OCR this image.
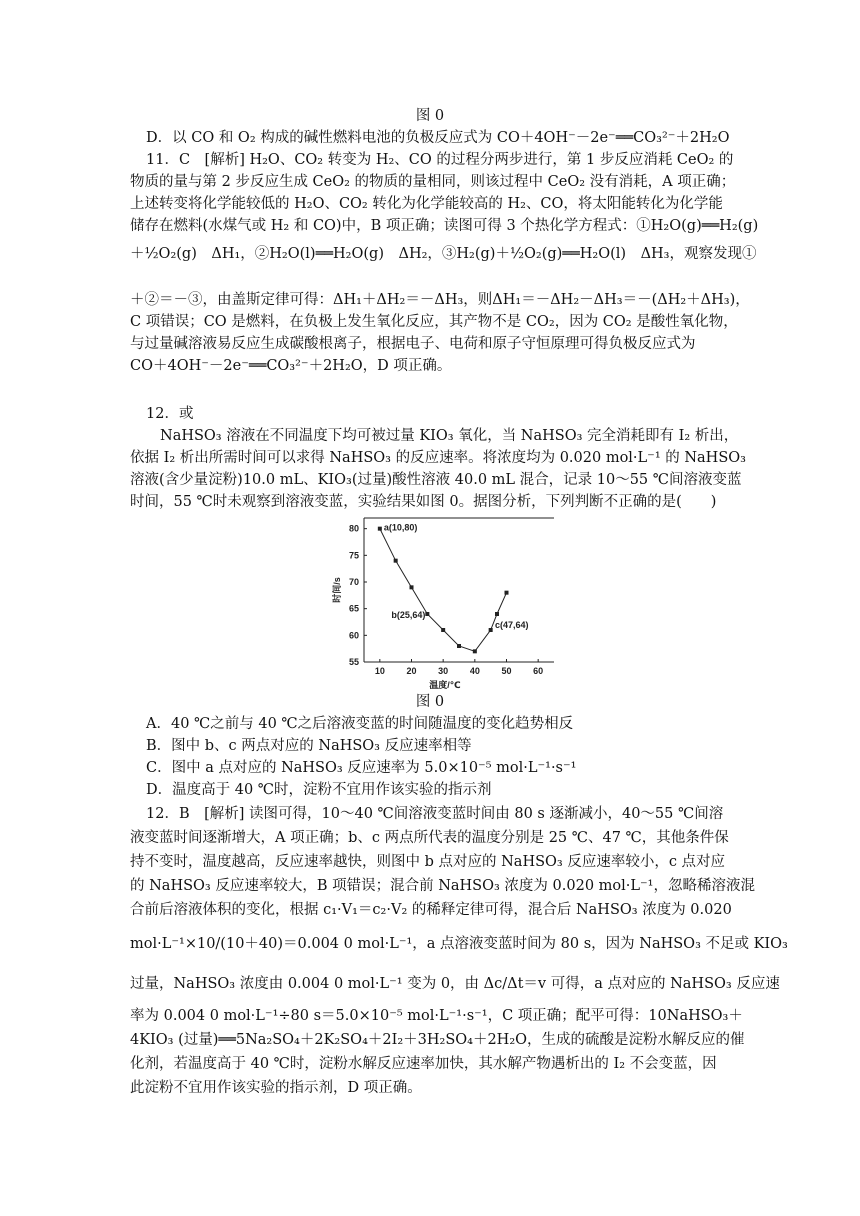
图 0
D．以 CO 和 O₂ 构成的碱性燃料电池的负极反应式为 CO＋4OH⁻－2e⁻══CO₃²⁻＋2H₂O
11．C　[解析] H₂O、CO₂ 转变为 H₂、CO 的过程分两步进行，第 1 步反应消耗 CeO₂ 的
物质的量与第 2 步反应生成 CeO₂ 的物质的量相同，则该过程中 CeO₂ 没有消耗，A 项正确；
上述转变将化学能较低的 H₂O、CO₂ 转化为化学能较高的 H₂、CO，将太阳能转化为化学能
储存在燃料(水煤气或 H₂ 和 CO)中，B 项正确；读图可得 3 个热化学方程式：①H₂O(g)══H₂(g)
＋½O₂(g)　ΔH₁，②H₂O(l)══H₂O(g)　ΔH₂，③H₂(g)＋½O₂(g)══H₂O(l)　ΔH₃，观察发现①
＋②＝－③，由盖斯定律可得：ΔH₁＋ΔH₂＝－ΔH₃，则ΔH₁＝－ΔH₂－ΔH₃＝－(ΔH₂＋ΔH₃)，
C 项错误；CO 是燃料，在负极上发生氧化反应，其产物不是 CO₂，因为 CO₂ 是酸性氧化物，
与过量碱溶液易反应生成碳酸根离子，根据电子、电荷和原子守恒原理可得负极反应式为
CO＋4OH⁻－2e⁻══CO₃²⁻＋2H₂O，D 项正确。
12．或
NaHSO₃ 溶液在不同温度下均可被过量 KIO₃ 氧化，当 NaHSO₃ 完全消耗即有 I₂ 析出，
依据 I₂ 析出所需时间可以求得 NaHSO₃ 的反应速率。将浓度均为 0.020 mol·L⁻¹ 的 NaHSO₃
溶液(含少量淀粉)10.0 mL、KIO₃(过量)酸性溶液 40.0 mL 混合，记录 10～55 ℃间溶液变蓝
时间，55 ℃时未观察到溶液变蓝，实验结果如图 0。据图分析，下列判断不正确的是(　　)
10 20 30 40 50 60
55
60
65
70
75
80
温度/℃
时间/s
a(10,80)
b(25,64)
c(47,64)
图 0
A．40 ℃之前与 40 ℃之后溶液变蓝的时间随温度的变化趋势相反
B．图中 b、c 两点对应的 NaHSO₃ 反应速率相等
C．图中 a 点对应的 NaHSO₃ 反应速率为 5.0×10⁻⁵ mol·L⁻¹·s⁻¹
D．温度高于 40 ℃时，淀粉不宜用作该实验的指示剂
12．B　[解析] 读图可得，10～40 ℃间溶液变蓝时间由 80 s 逐渐减小，40～55 ℃间溶
液变蓝时间逐渐增大，A 项正确；b、c 两点所代表的温度分别是 25 ℃、47 ℃，其他条件保
持不变时，温度越高，反应速率越快，则图中 b 点对应的 NaHSO₃ 反应速率较小，c 点对应
的 NaHSO₃ 反应速率较大，B 项错误；混合前 NaHSO₃ 浓度为 0.020 mol·L⁻¹，忽略稀溶液混
合前后溶液体积的变化，根据 c₁·V₁＝c₂·V₂ 的稀释定律可得，混合后 NaHSO₃ 浓度为 0.020
mol·L⁻¹×10/(10＋40)＝0.004 0 mol·L⁻¹，a 点溶液变蓝时间为 80 s，因为 NaHSO₃ 不足或 KIO₃
过量，NaHSO₃ 浓度由 0.004 0 mol·L⁻¹ 变为 0，由 Δc/Δt＝v 可得，a 点对应的 NaHSO₃ 反应速
率为 0.004 0 mol·L⁻¹÷80 s＝5.0×10⁻⁵ mol·L⁻¹·s⁻¹，C 项正确；配平可得：10NaHSO₃＋
4KIO₃ (过量)══5Na₂SO₄＋2K₂SO₄＋2I₂＋3H₂SO₄＋2H₂O，生成的硫酸是淀粉水解反应的催
化剂，若温度高于 40 ℃时，淀粉水解反应速率加快，其水解产物遇析出的 I₂ 不会变蓝，因
此淀粉不宜用作该实验的指示剂，D 项正确。
